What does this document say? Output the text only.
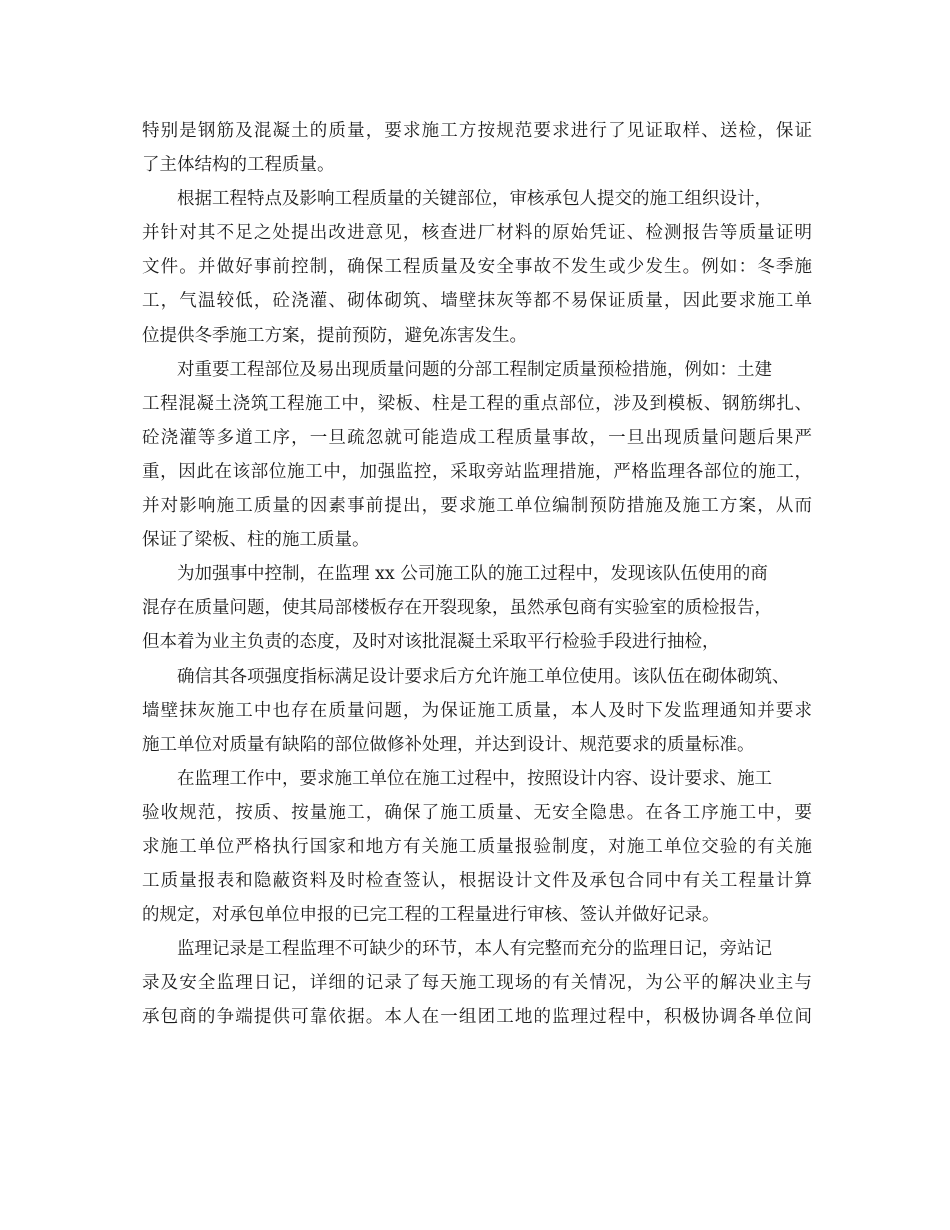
特别是钢筋及混凝土的质量，要求施工方按规范要求进行了见证取样、送检，保证
了主体结构的工程质量。
根据工程特点及影响工程质量的关键部位，审核承包人提交的施工组织设计，
并针对其不足之处提出改进意见，核查进厂材料的原始凭证、检测报告等质量证明
文件。并做好事前控制，确保工程质量及安全事故不发生或少发生。例如：冬季施
工，气温较低，砼浇灌、砌体砌筑、墙壁抹灰等都不易保证质量，因此要求施工单
位提供冬季施工方案，提前预防，避免冻害发生。
对重要工程部位及易出现质量问题的分部工程制定质量预检措施，例如：土建
工程混凝土浇筑工程施工中，梁板、柱是工程的重点部位，涉及到模板、钢筋绑扎、
砼浇灌等多道工序，一旦疏忽就可能造成工程质量事故，一旦出现质量问题后果严
重，因此在该部位施工中，加强监控，采取旁站监理措施，严格监理各部位的施工，
并对影响施工质量的因素事前提出，要求施工单位编制预防措施及施工方案，从而
保证了梁板、柱的施工质量。
为加强事中控制，在监理 xx 公司施工队的施工过程中，发现该队伍使用的商
混存在质量问题，使其局部楼板存在开裂现象，虽然承包商有实验室的质检报告，
但本着为业主负责的态度，及时对该批混凝土采取平行检验手段进行抽检，
确信其各项强度指标满足设计要求后方允许施工单位使用。该队伍在砌体砌筑、
墙壁抹灰施工中也存在质量问题，为保证施工质量，本人及时下发监理通知并要求
施工单位对质量有缺陷的部位做修补处理，并达到设计、规范要求的质量标准。
在监理工作中，要求施工单位在施工过程中，按照设计内容、设计要求、施工
验收规范，按质、按量施工，确保了施工质量、无安全隐患。在各工序施工中，要
求施工单位严格执行国家和地方有关施工质量报验制度，对施工单位交验的有关施
工质量报表和隐蔽资料及时检查签认，根据设计文件及承包合同中有关工程量计算
的规定，对承包单位申报的已完工程的工程量进行审核、签认并做好记录。
监理记录是工程监理不可缺少的环节，本人有完整而充分的监理日记，旁站记
录及安全监理日记，详细的记录了每天施工现场的有关情况，为公平的解决业主与
承包商的争端提供可靠依据。本人在一组团工地的监理过程中，积极协调各单位间
